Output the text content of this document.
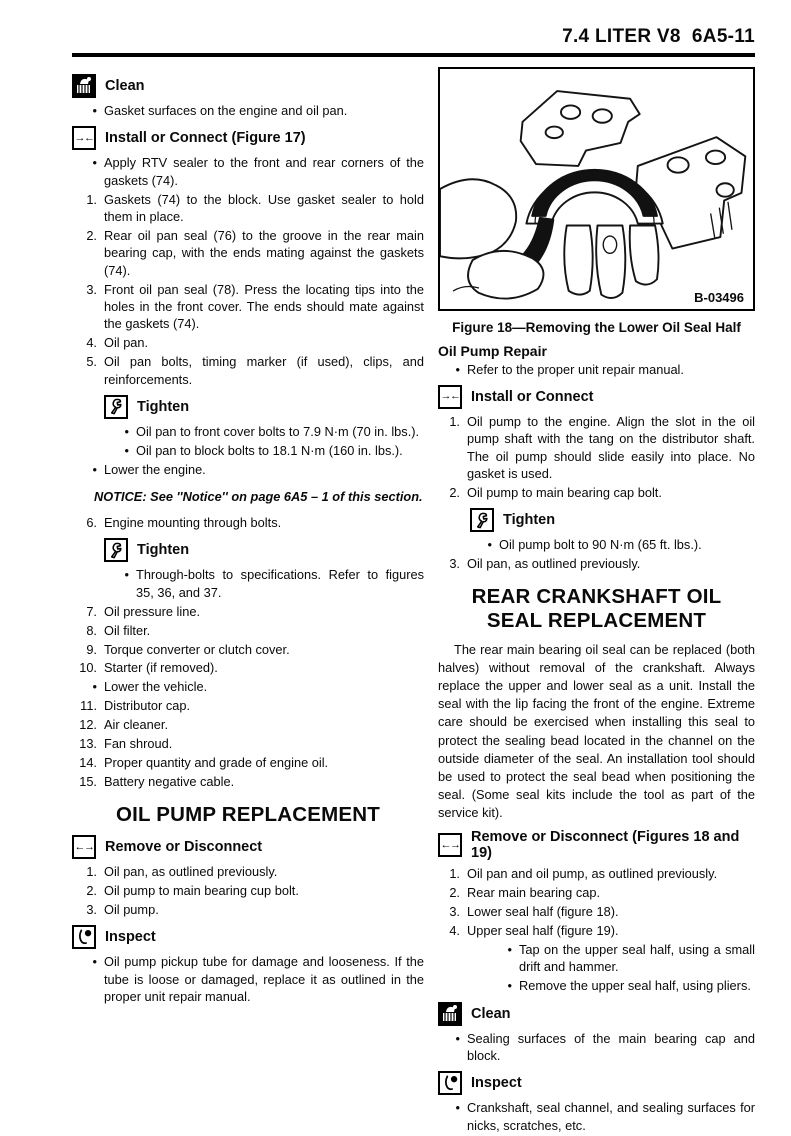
7.4 LITER V8  6A5-11
Clean
• Gasket surfaces on the engine and oil pan.
→← Install or Connect (Figure 17)
• Apply RTV sealer to the front and rear corners of the gaskets (74).
1. Gaskets (74) to the block. Use gasket sealer to hold them in place.
2. Rear oil pan seal (76) to the groove in the rear main bearing cap, with the ends mating against the gaskets (74).
3. Front oil pan seal (78). Press the locating tips into the holes in the front cover. The ends should mate against the gaskets (74).
4. Oil pan.
5. Oil pan bolts, timing marker (if used), clips, and reinforcements.
Tighten
• Oil pan to front cover bolts to 7.9 N·m (70 in. lbs.).
• Oil pan to block bolts to 18.1 N·m (160 in. lbs.).
• Lower the engine.
NOTICE: See ''Notice'' on page 6A5 – 1 of this section.
6. Engine mounting through bolts.
Tighten
• Through-bolts to specifications. Refer to figures 35, 36, and 37.
7. Oil pressure line.
8. Oil filter.
9. Torque converter or clutch cover.
10. Starter (if removed).
• Lower the vehicle.
11. Distributor cap.
12. Air cleaner.
13. Fan shroud.
14. Proper quantity and grade of engine oil.
15. Battery negative cable.
OIL PUMP REPLACEMENT
←→ Remove or Disconnect
1. Oil pan, as outlined previously.
2. Oil pump to main bearing cup bolt.
3. Oil pump.
Inspect
• Oil pump pickup tube for damage and looseness. If the tube is loose or damaged, replace it as outlined in the proper unit repair manual.
B-03496
Figure 18—Removing the Lower Oil Seal Half
Oil Pump Repair
• Refer to the proper unit repair manual.
→← Install or Connect
1. Oil pump to the engine. Align the slot in the oil pump shaft with the tang on the distributor shaft. The oil pump should slide easily into place. No gasket is used.
2. Oil pump to main bearing cap bolt.
Tighten
• Oil pump bolt to 90 N·m (65 ft. lbs.).
3. Oil pan, as outlined previously.
REAR CRANKSHAFT OIL
SEAL REPLACEMENT
The rear main bearing oil seal can be replaced (both halves) without removal of the crankshaft. Always replace the upper and lower seal as a unit. Install the seal with the lip facing the front of the engine. Extreme care should be exercised when installing this seal to protect the sealing bead located in the channel on the outside diameter of the seal. An installation tool should be used to protect the seal bead when positioning the seal. (Some seal kits include the tool as part of the service kit).
←→ Remove or Disconnect (Figures 18 and 19)
1. Oil pan and oil pump, as outlined previously.
2. Rear main bearing cap.
3. Lower seal half (figure 18).
4. Upper seal half (figure 19).
• Tap on the upper seal half, using a small drift and hammer.
• Remove the upper seal half, using pliers.
Clean
• Sealing surfaces of the main bearing cap and block.
Inspect
• Crankshaft, seal channel, and sealing surfaces for nicks, scratches, etc.
